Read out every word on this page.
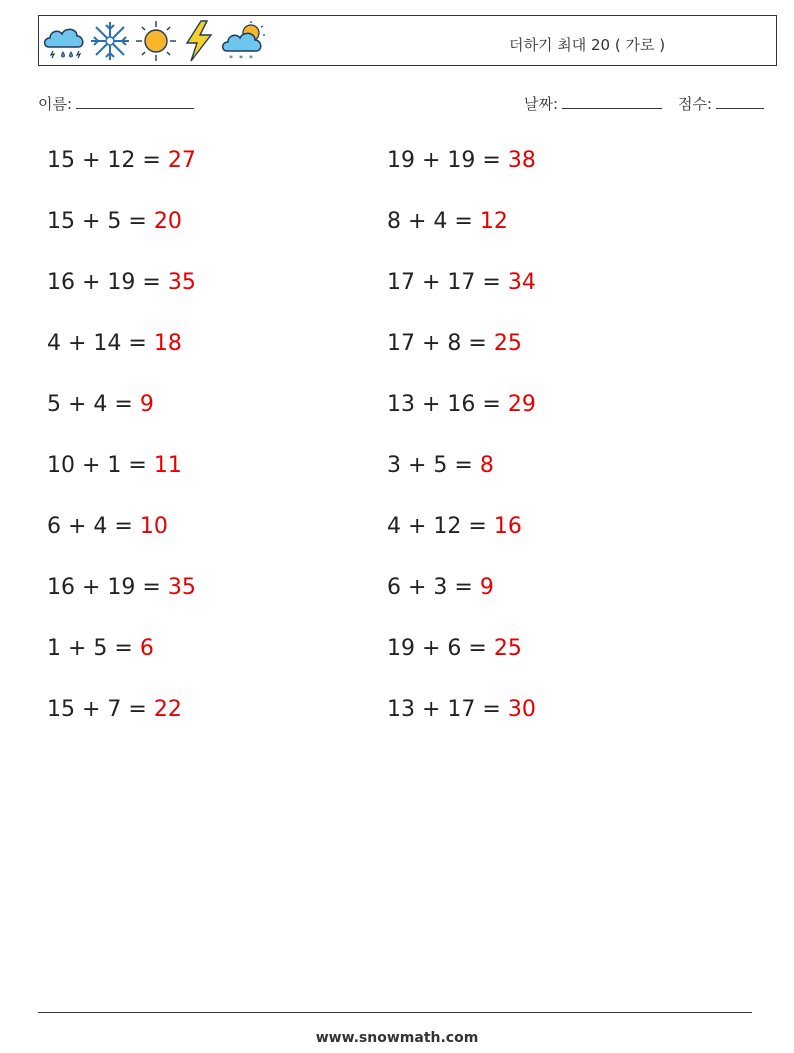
* * *
더하기 최대 20 ( 가로 )
이름:	날짜:	점수:
15 + 12 = 27	19 + 19 = 38
15 + 5 = 20	8 + 4 = 12
16 + 19 = 35	17 + 17 = 34
4 + 14 = 18	17 + 8 = 25
5 + 4 = 9	13 + 16 = 29
10 + 1 = 11	3 + 5 = 8
6 + 4 = 10	4 + 12 = 16
16 + 19 = 35	6 + 3 = 9
1 + 5 = 6	19 + 6 = 25
15 + 7 = 22	13 + 17 = 30
www.snowmath.com
